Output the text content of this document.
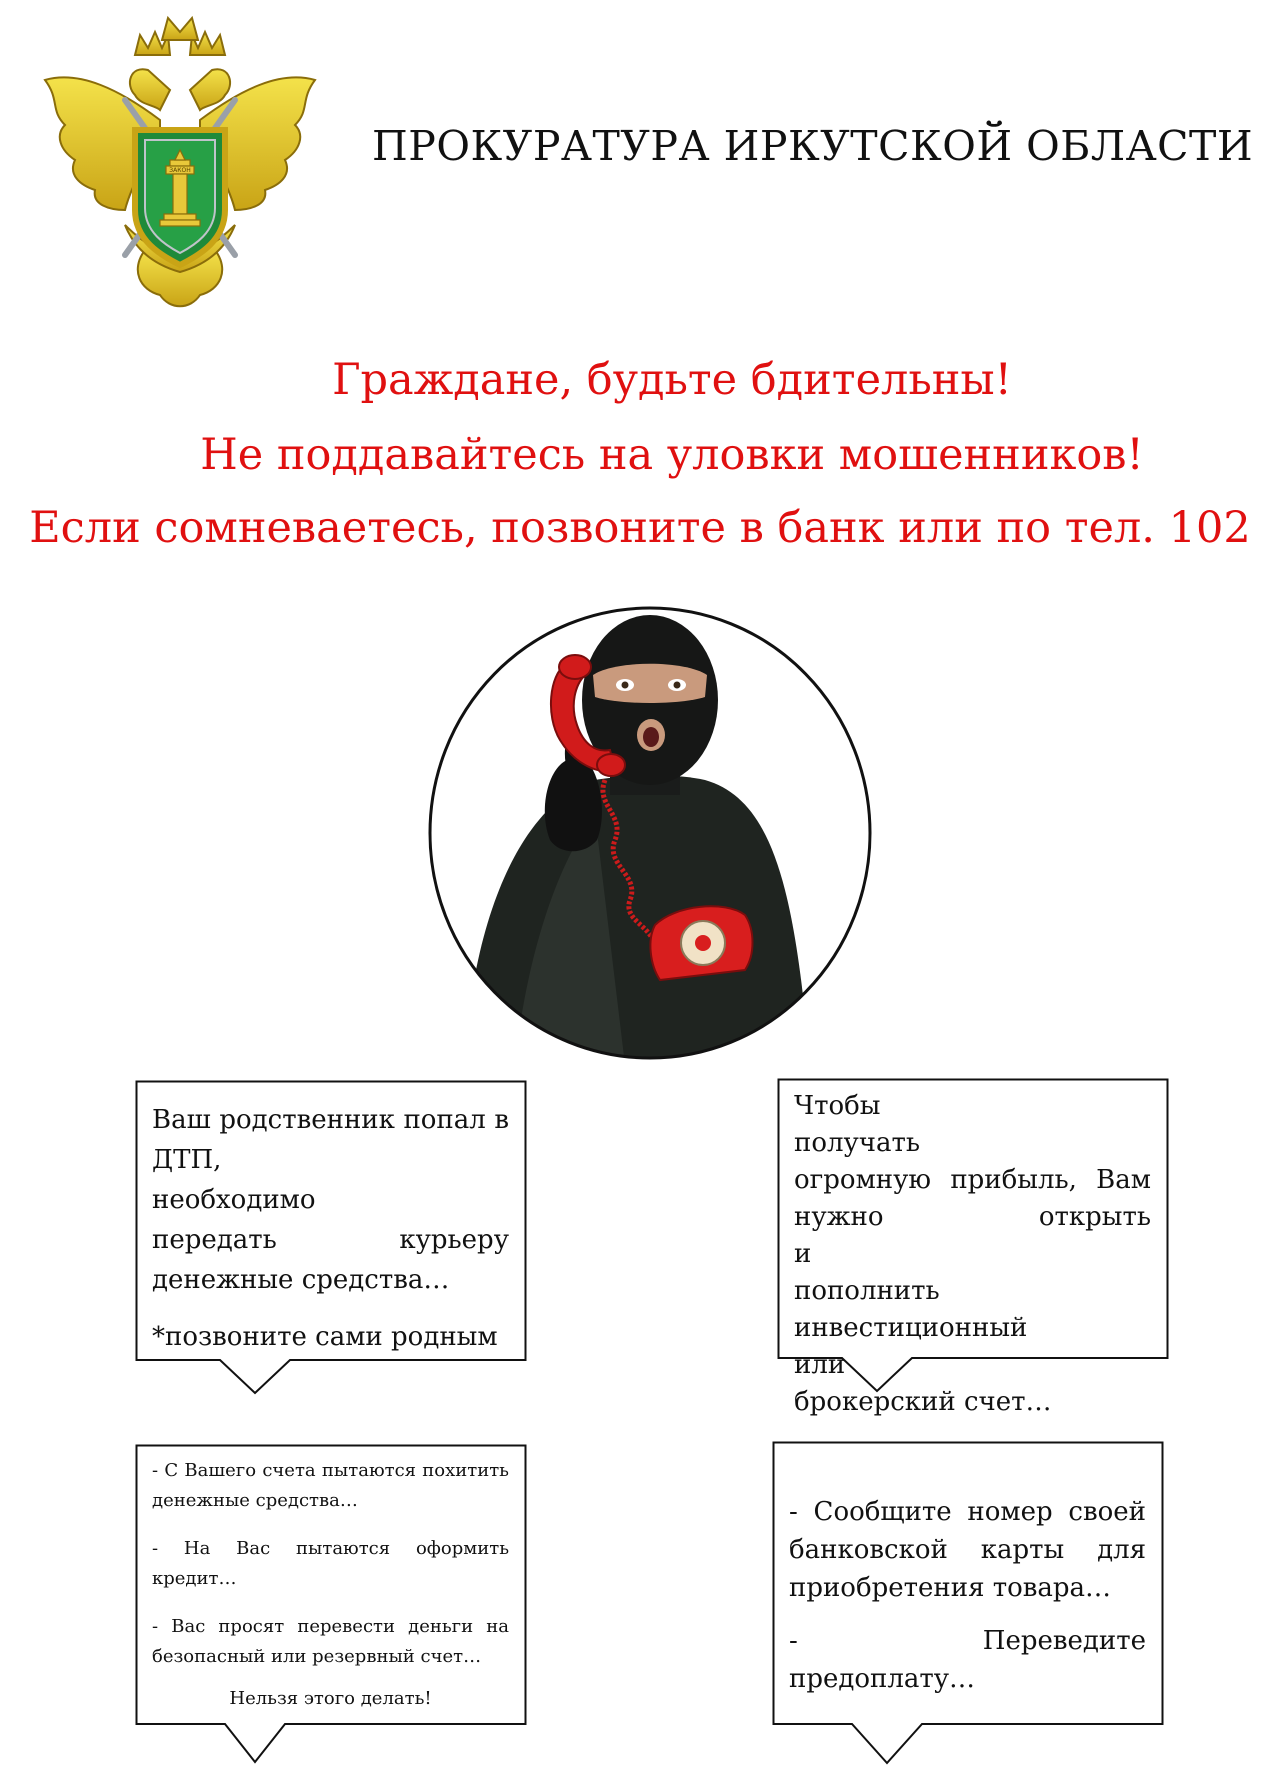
ЗАКОН
ПРОКУРАТУРА ИРКУТСКОЙ ОБЛАСТИ
Граждане, будьте бдительны!
Не поддавайтесь на уловки мошенников!
Если сомневаетесь, позвоните в банк или по тел. 102

Ваш родственник попал в

ДТП, необходимо

передать курьеру

денежные средства…

*позвоните сами родным

Чтобы получать

огромную прибыль, Вам

нужно открыть и

пополнить

инвестиционный или

брокерский счет…

- С Вашего счета пытаются похитить денежные средства…

- На Вас пытаются оформить кредит…

- Вас просят перевести деньги на безопасный или резервный счет…

Нельзя этого делать!

- Сообщите номер своей банковской карты для приобретения товара…

- Переведите предоплату…
